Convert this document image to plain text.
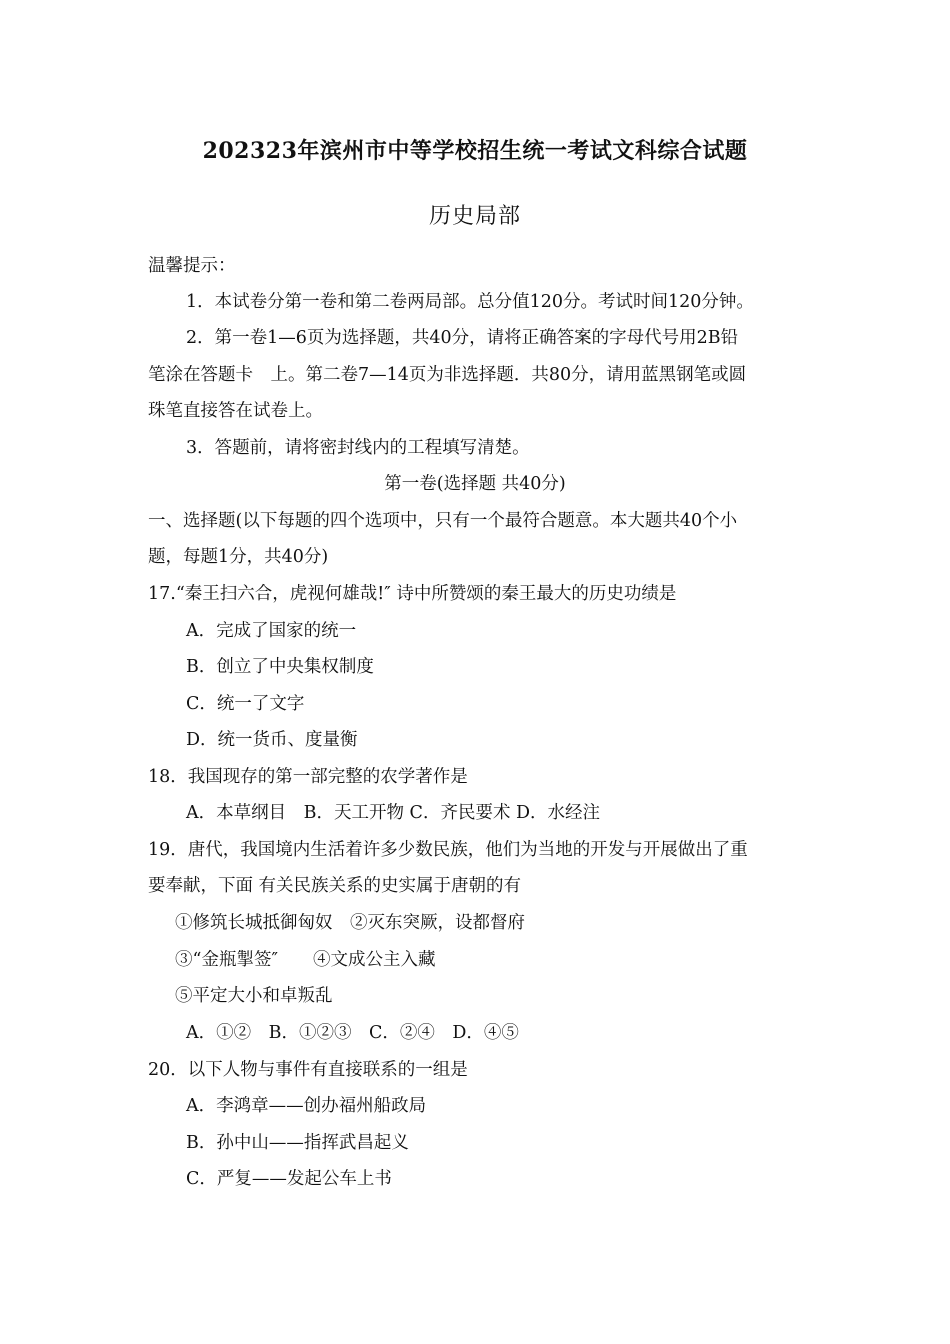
202323年滨州市中等学校招生统一考试文科综合试题
历史局部
温馨提示：
1．本试卷分第一卷和第二卷两局部。总分值120分。考试时间120分钟。
2．第一卷1—6页为选择题，共40分，请将正确答案的字母代号用2B铅
笔涂在答题卡　上。第二卷7—14页为非选择题．共80分，请用蓝黑钢笔或圆
珠笔直接答在试卷上。
3．答题前，请将密封线内的工程填写清楚。
第一卷(选择题 共40分)
一、选择题(以下每题的四个选项中，只有一个最符合题意。本大题共40个小
题，每题1分，共40分)
17.“秦王扫六合，虎视何雄哉!″ 诗中所赞颂的秦王最大的历史功绩是
A．完成了国家的统一
B．创立了中央集权制度
C．统一了文字
D．统一货币、度量衡
18．我国现存的第一部完整的农学著作是
A．本草纲目　B．天工开物 C．齐民要术 D．水经注
19．唐代，我国境内生活着许多少数民族，他们为当地的开发与开展做出了重
要奉献，下面 有关民族关系的史实属于唐朝的有
①修筑长城抵御匈奴　②灭东突厥，设都督府
③“金瓶掣签″　　④文成公主入藏
⑤平定大小和卓叛乱
A．①②　B．①②③　C．②④　D．④⑤
20．以下人物与事件有直接联系的一组是
A．李鸿章——创办福州船政局
B．孙中山——指挥武昌起义
C．严复——发起公车上书
